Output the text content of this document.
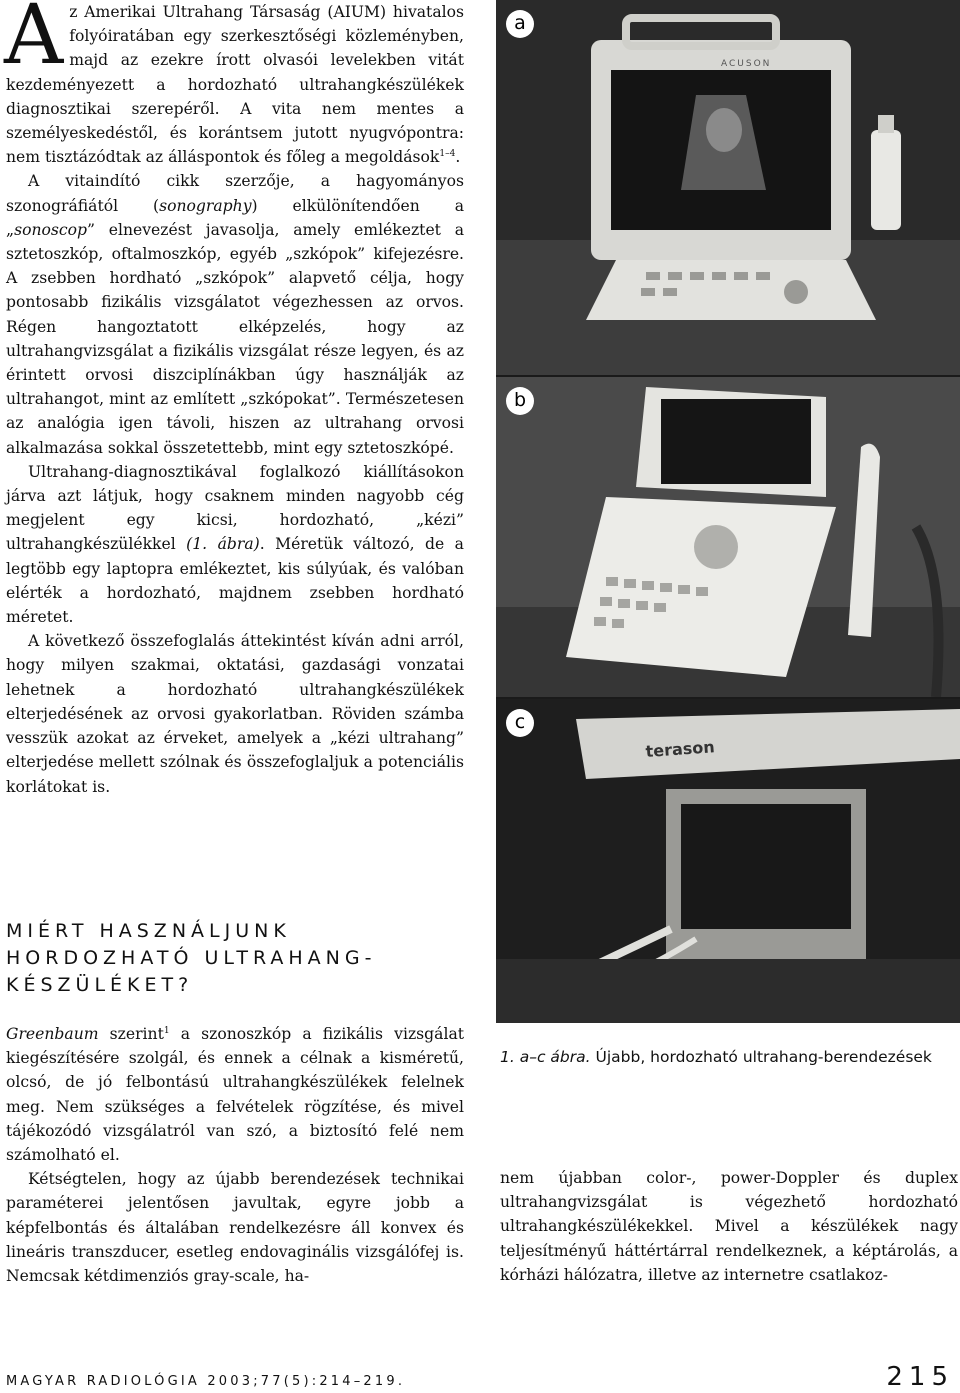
Az Amerikai Ultrahang Társaság (AIUM) hivatalos folyóiratában egy szerkesztőségi közleményben, majd az ezekre írott olvasói levelekben vitát kezdeményezett a hordozható ultrahangkészülékek diagnosztikai szerepéről. A vita nem mentes a személyeskedéstől, és korántsem jutott nyugvópontra: nem tisztázódtak az álláspontok és főleg a megoldások$^{1-4}$.

A vitaindító cikk szerzője, a hagyományos szonográfiától (sonography) elkülönítendően a „sonoscop” elnevezést javasolja, amely emlékeztet a sztetoszkóp, oftalmoszkóp, egyéb „szkópok” kifejezésre. A zsebben hordható „szkópok” alapvető célja, hogy pontosabb fizikális vizsgálatot végezhessen az orvos. Régen hangoztatott elképzelés, hogy az ultrahangvizsgálat a fizikális vizsgálat része legyen, és az érintett orvosi diszciplínákban úgy használják az ultrahangot, mint az említett „szkópokat”. Természetesen az analógia igen távoli, hiszen az ultrahang orvosi alkalmazása sokkal összetettebb, mint egy sztetoszkópé.

Ultrahang-diagnosztikával foglalkozó kiállításokon járva azt látjuk, hogy csaknem minden nagyobb cég megjelent egy kicsi, hordozható, „kézi” ultrahangkészülékkel (1. ábra). Méretük változó, de a legtöbb egy laptopra emlékeztet, kis súlyúak, és valóban elérték a hordozható, majdnem zsebben hordható méretet.

A következő összefoglalás áttekintést kíván adni arról, hogy milyen szakmai, oktatási, gazdasági vonzatai lehetnek a hordozható ultrahangkészülékek elterjedésének az orvosi gyakorlatban. Röviden számba vesszük azokat az érveket, amelyek a „kézi ultrahang” elterjedése mellett szólnak és összefoglaljuk a potenciális korlátokat is.

MIÉRT HASZNÁLJUNK
HORDOZHATÓ ULTRAHANG-
KÉSZÜLÉKET?

Greenbaum szerint$^1$ a szonoszkóp a fizikális vizsgálat kiegészítésére szolgál, és ennek a célnak a kisméretű, olcsó, de jó felbontású ultrahangkészülékek felelnek meg. Nem szükséges a felvételek rögzítése, és mivel tájékozódó vizsgálatról van szó, a biztosító felé nem számolható el.

Kétségtelen, hogy az újabb berendezések technikai paraméterei jelentősen javultak, egyre jobb a képfelbontás és általában rendelkezésre áll konvex és lineáris transzducer, esetleg endovaginális vizsgálófej is. Nemcsak kétdimenziós gray-scale, ha-

ACUSON
a
b
terason
c

1. a–c ábra. Újabb, hordozható ultrahang-berendezések

nem újabban color-, power-Doppler és duplex ultrahangvizsgálat is végezhető hordozható ultrahangkészülékekkel. Mivel a készülékek nagy teljesítményű háttértárral rendelkeznek, a képtárolás, a kórházi hálózatra, illetve az internetre csatlakoz-

MAGYAR RADIOLÓGIA 2003;77(5):214–219.	215
